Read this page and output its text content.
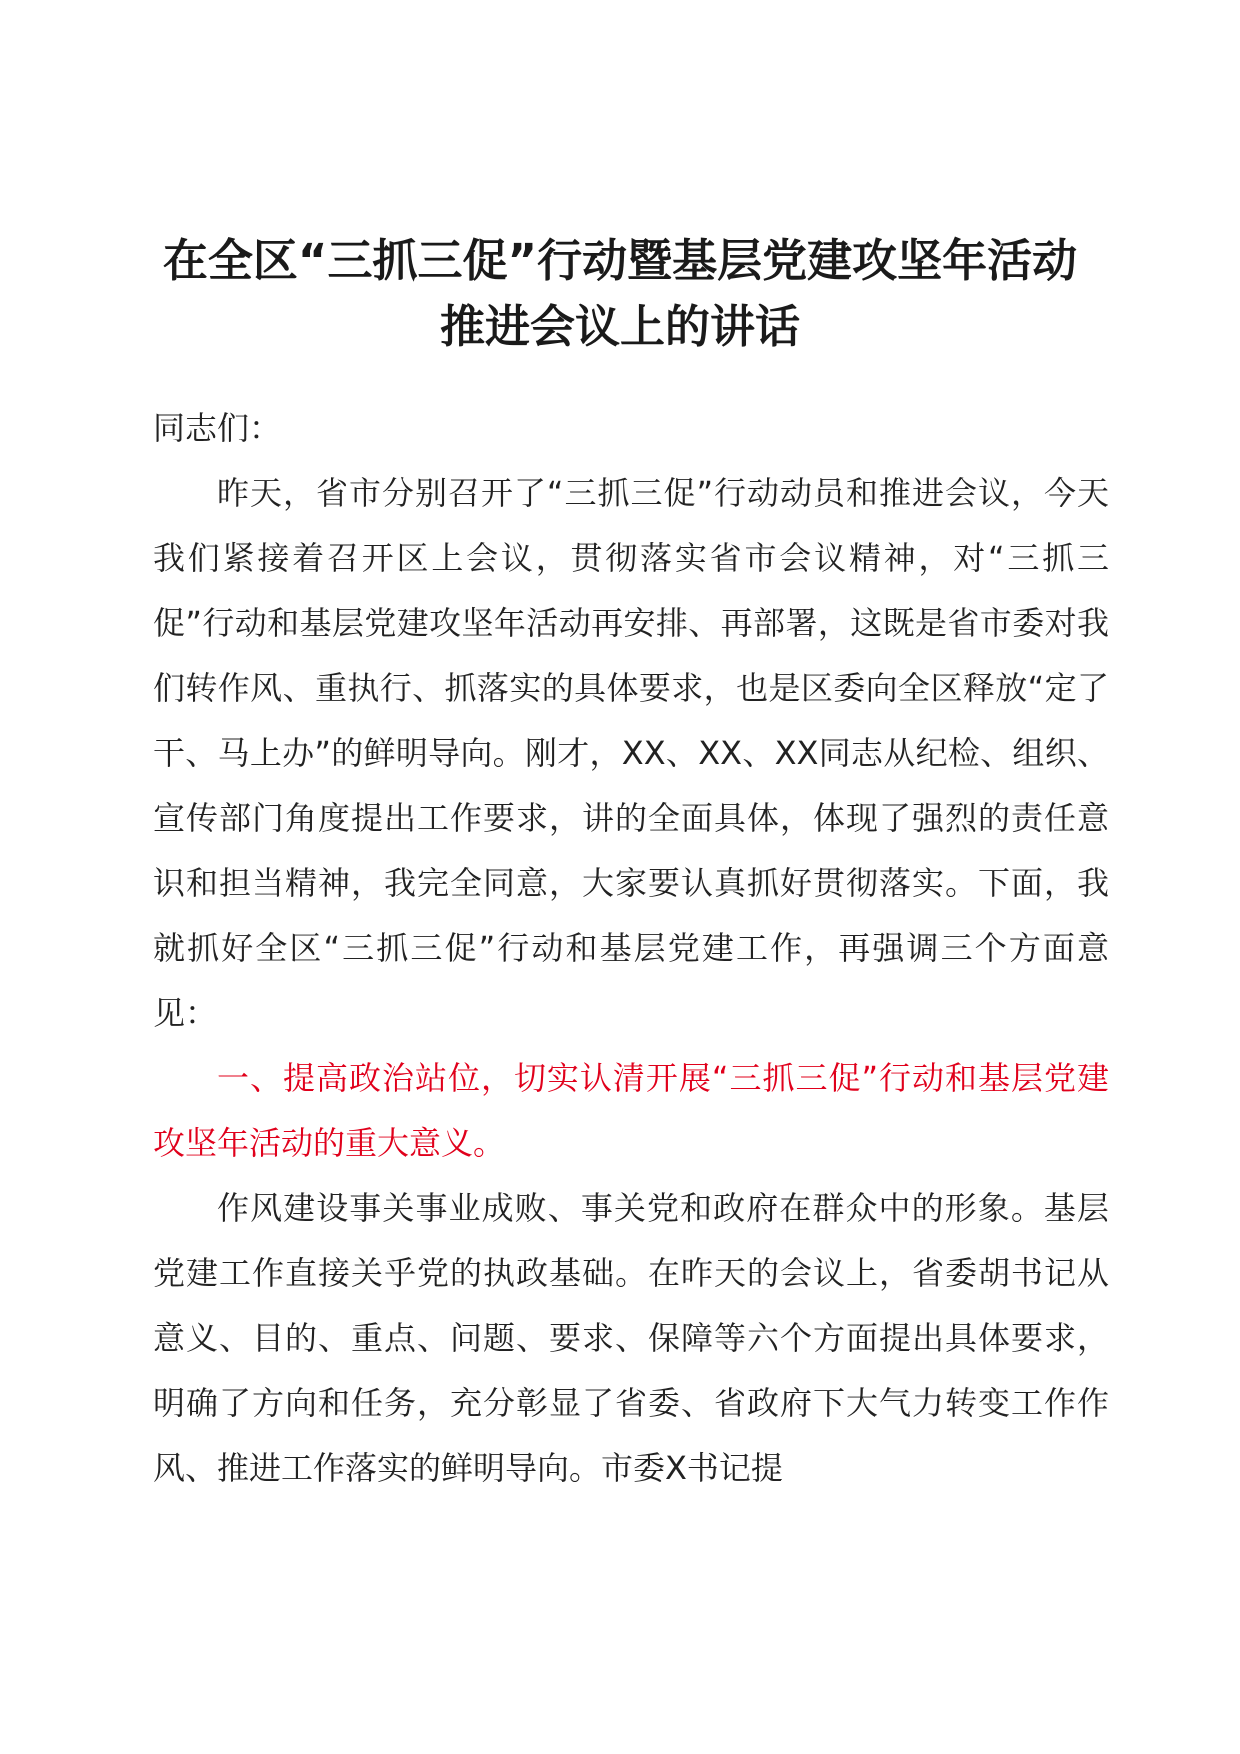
在全区“三抓三促”行动暨基层党建攻坚年活动推进会议上的讲话

同志们：

昨天，省市分别召开了“三抓三促”行动动员和推进会议，今天我们紧接着召开区上会议，贯彻落实省市会议精神，对“三抓三促”行动和基层党建攻坚年活动再安排、再部署，这既是省市委对我们转作风、重执行、抓落实的具体要求，也是区委向全区释放“定了干、马上办”的鲜明导向。刚才，XX、XX、XX同志从纪检、组织、宣传部门角度提出工作要求，讲的全面具体，体现了强烈的责任意识和担当精神，我完全同意，大家要认真抓好贯彻落实。下面，我就抓好全区“三抓三促”行动和基层党建工作，再强调三个方面意见：

一、提高政治站位，切实认清开展“三抓三促”行动和基层党建攻坚年活动的重大意义。

作风建设事关事业成败、事关党和政府在群众中的形象。基层党建工作直接关乎党的执政基础。在昨天的会议上，省委胡书记从意义、目的、重点、问题、要求、保障等六个方面提出具体要求，明确了方向和任务，充分彰显了省委、省政府下大气力转变工作作风、推进工作落实的鲜明导向。市委X书记提
